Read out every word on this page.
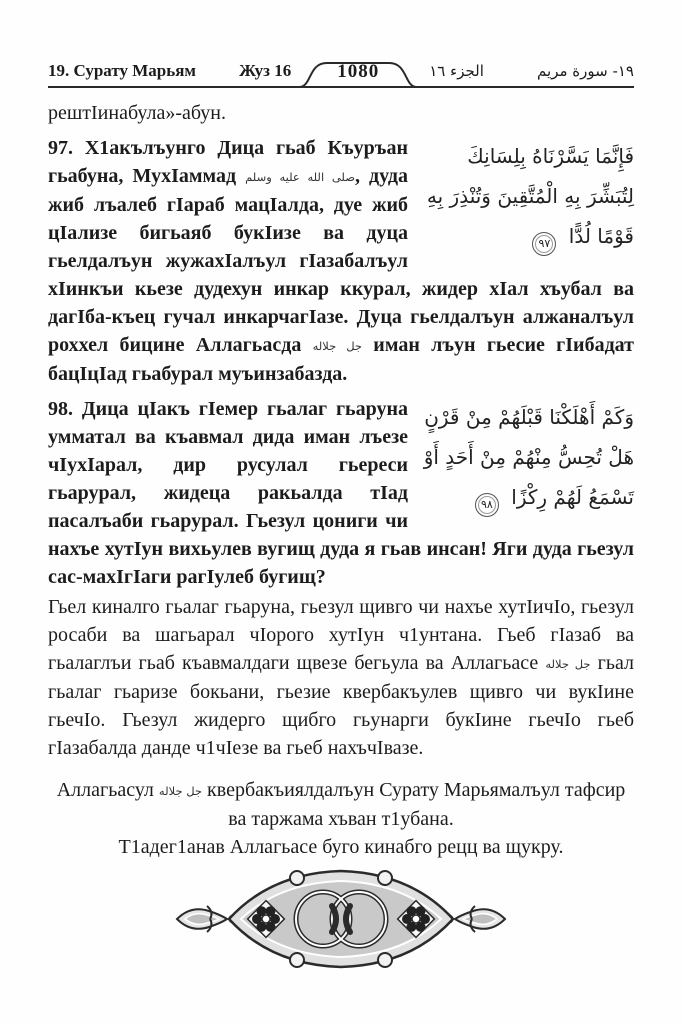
19. Сурату Марьям	Жуз 16	1080	الجزء ١٦	١٩- سورة مريم

рештIинабула»-абун.

فَإِنَّمَا يَسَّرْنَاهُ بِلِسَانِكَ لِتُبَشِّرَ بِهِ الْمُتَّقِينَ وَتُنْذِرَ بِهِ قَوْمًا لُدًّا ٩٧
97. Х1акълъунго Дица гьаб Къуръан гьабуна, МухIаммад صلى الله عليه وسلم, дуда жиб лъалеб гIараб мацIалда, дуе жиб цIализе бигьаяб букIизе ва дуца гьелдалъун жужахIалъул гIазабалъул хIинкъи кьезе дудехун инкар ккурал, жидер хIал хъубал ва дагIба-къец гучал инкарчагIазе. Дуца гьелдалъун алжаналъул роххел бицине Аллагьасда جل جلاله иман лъун гьесие гIибадат бацIцIад гьабурал муъинзабазда.

وَكَمْ أَهْلَكْنَا قَبْلَهُمْ مِنْ قَرْنٍ هَلْ تُحِسُّ مِنْهُمْ مِنْ أَحَدٍ أَوْ تَسْمَعُ لَهُمْ رِكْزًا ٩٨
98. Дица цIакъ гIемер гьалаг гьаруна умматал ва къавмал дида иман лъезе чIухIарал, дир русулал гьереси гьарурал, жидеца ракьалда тIад пасалъаби гьарурал. Гьезул цониги чи нахъе хутIун вихьулев вугищ дуда я гьав инсан! Яги дуда гьезул сас-махIгIаги рагIулеб бугищ?

Гьел киналго гьалаг гьаруна, гьезул щивго чи нахъе хутIичIо, гьезул росаби ва шагьарал чIорого хутIун ч1унтана. Гьеб гIазаб ва гьалаглъи гьаб къавмалдаги щвезе бегьула ва Аллагьасе جل جلاله гьал гьалаг гьаризе бокьани, гьезие квербакъулев щивго чи вукIине гьечIо. Гьезул жидерго щибго гьунарги букIине гьечIо гьеб гIазабалда данде ч1чIезе ва гьеб нахъчIвазе.

Аллагьасул جل جلاله квербакъиялдалъун Сурату Марьямалъул тафсир ва таржама хъван т1убана.

Т1адег1анав Аллагьасе буго кинабго рецц ва щукру.
